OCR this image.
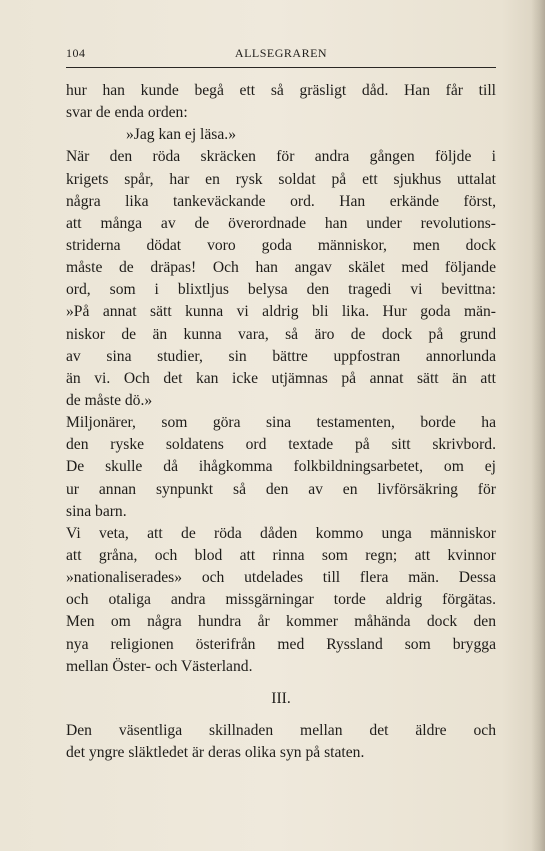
104	ALLSEGRAREN
hur han kunde begå ett så gräsligt dåd. Han får till
svar de enda orden:
»Jag kan ej läsa.»
När den röda skräcken för andra gången följde i
krigets spår, har en rysk soldat på ett sjukhus uttalat
några lika tankeväckande ord. Han erkände först,
att många av de överordnade han under revolutions-
striderna dödat voro goda människor, men dock
måste de dräpas! Och han angav skälet med följande
ord, som i blixtljus belysa den tragedi vi bevittna:
»På annat sätt kunna vi aldrig bli lika. Hur goda män-
niskor de än kunna vara, så äro de dock på grund
av sina studier, sin bättre uppfostran annorlunda
än vi. Och det kan icke utjämnas på annat sätt än att
de måste dö.»
Miljonärer, som göra sina testamenten, borde ha
den ryske soldatens ord textade på sitt skrivbord.
De skulle då ihågkomma folkbildningsarbetet, om ej
ur annan synpunkt så den av en livförsäkring för
sina barn.
Vi veta, att de röda dåden kommo unga människor
att gråna, och blod att rinna som regn; att kvinnor
»nationaliserades» och utdelades till flera män. Dessa
och otaliga andra missgärningar torde aldrig förgätas.
Men om några hundra år kommer måhända dock den
nya religionen österifrån med Ryssland som brygga
mellan Öster- och Västerland.
III.
Den väsentliga skillnaden mellan det äldre och
det yngre släktledet är deras olika syn på staten.
